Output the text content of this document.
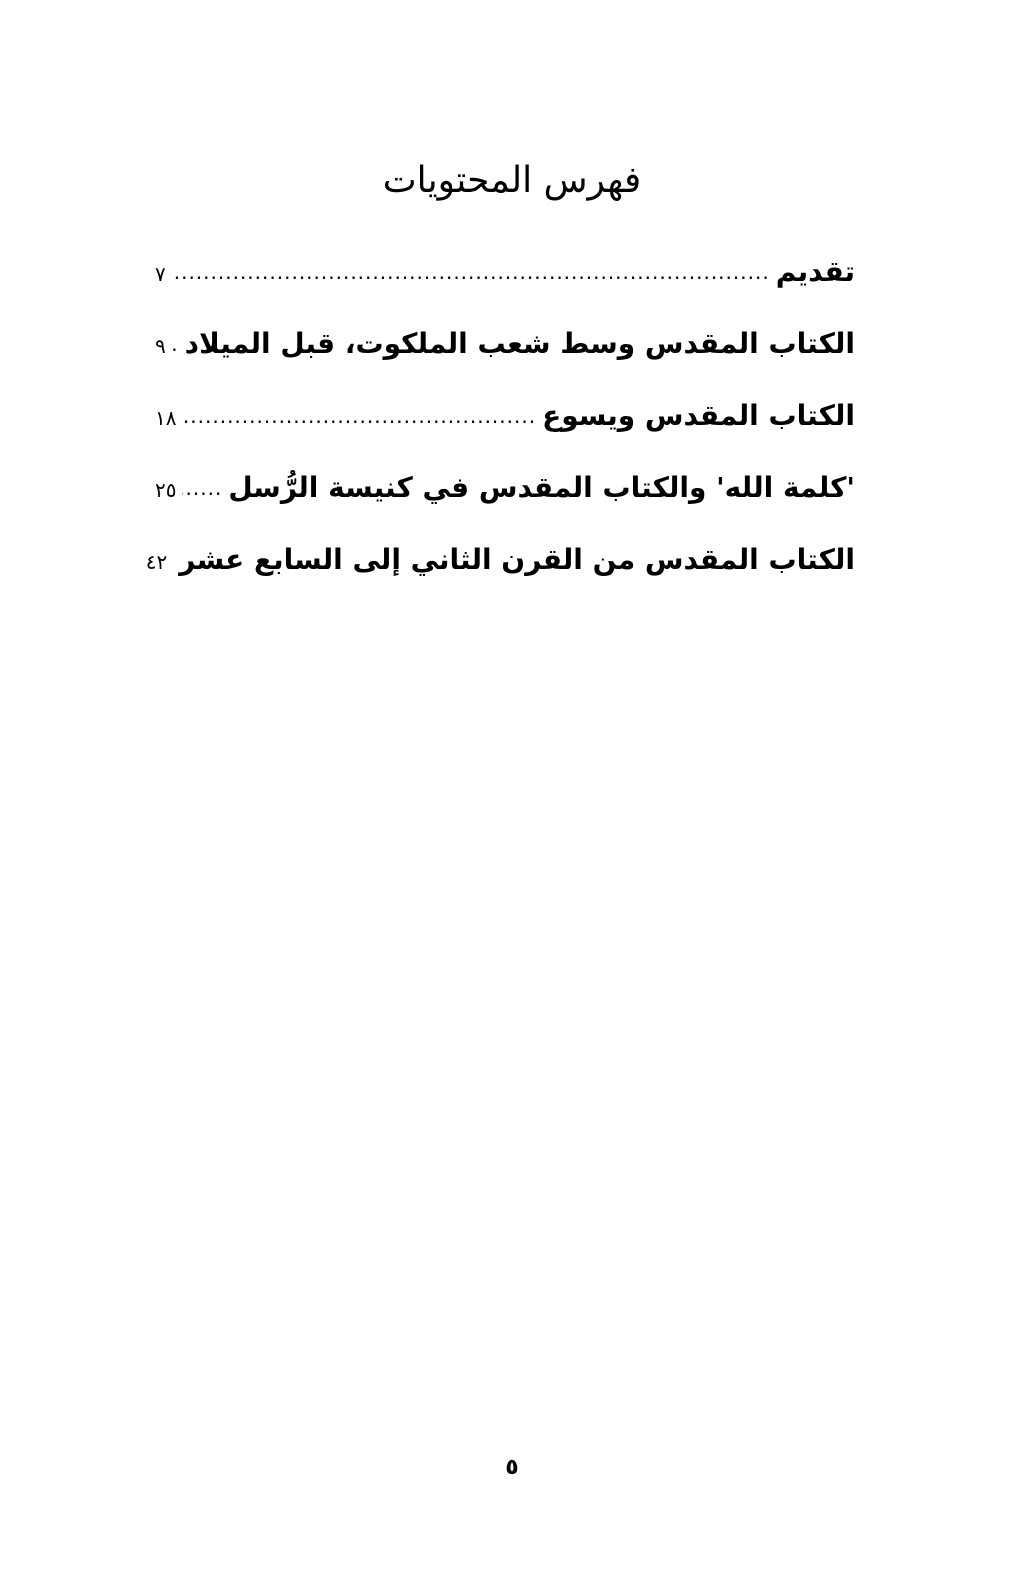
فهرس المحتويات
تقديم
.....
٧
الكتاب المقدس وسط شعب الملكوت، قبل الميلاد
.....
٩
الكتاب المقدس ويسوع
.....
١٨
'كلمة الله' والكتاب المقدس في كنيسة الرُّسل
.....
٢٥
الكتاب المقدس من القرن الثاني إلى السابع عشر
٤٢
٥
